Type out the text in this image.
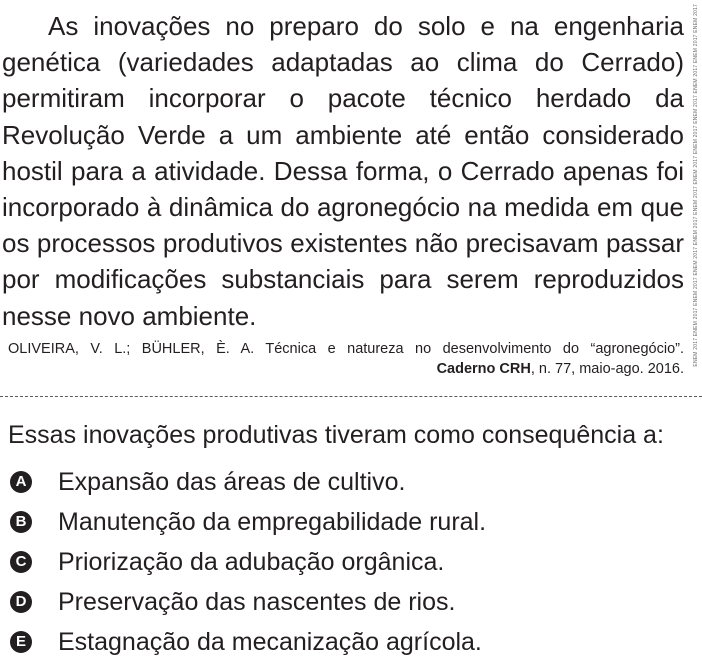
As inovações no preparo do solo e na engenharia genética (variedades adaptadas ao clima do Cerrado) permitiram incorporar o pacote técnico herdado da Revolução Verde a um ambiente até então considerado hostil para a atividade. Dessa forma, o Cerrado apenas foi incorporado à dinâmica do agronegócio na medida em que os processos produtivos existentes não precisavam passar por modificações substanciais para serem reproduzidos nesse novo ambiente.

OLIVEIRA, V. L.; BÜHLER, È. A. Técnica e natureza no desenvolvimento do “agronegócio”.
Caderno CRH, n. 77, maio-ago. 2016.
ENEM 2017 ENEM 2017 ENEM 2017 ENEM 2017 ENEM 2017 ENEM 2017 ENEM 2017 ENEM 2017 ENEM 2017 ENEM 2017 ENEM 2017 ENEM 2017
Essas inovações produtivas tiveram como consequência a:
A Expansão das áreas de cultivo.
B Manutenção da empregabilidade rural.
C Priorização da adubação orgânica.
D Preservação das nascentes de rios.
E Estagnação da mecanização agrícola.
